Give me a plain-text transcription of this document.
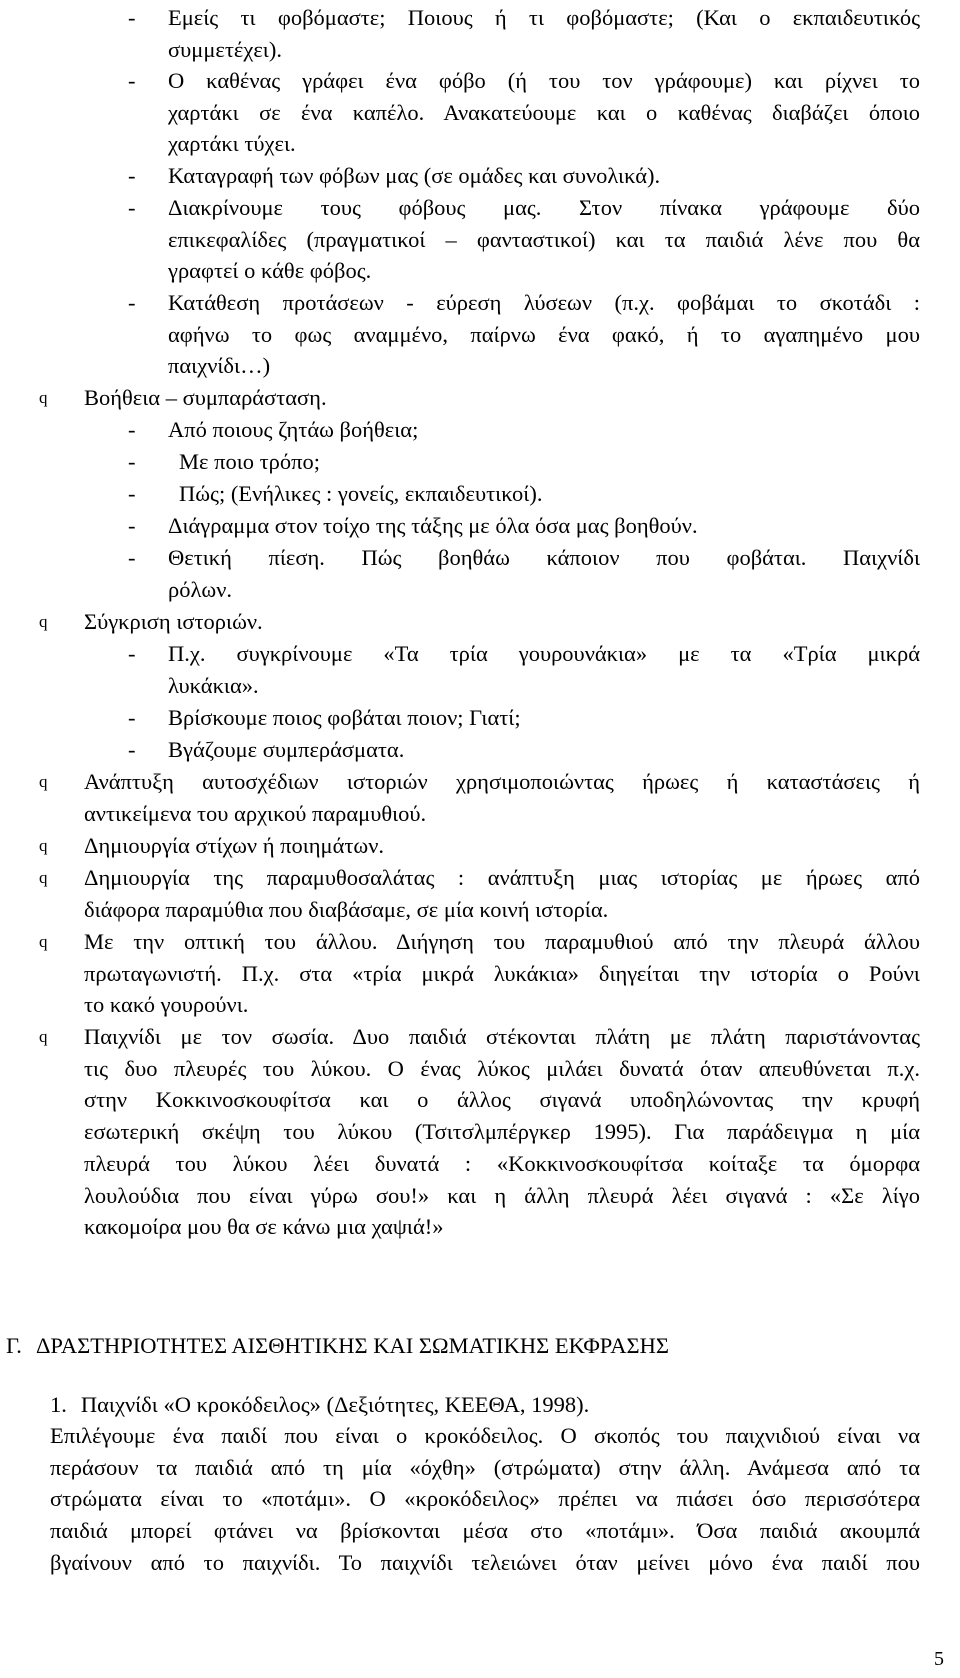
- Εμείς τι φοβόμαστε; Ποιους ή τι φοβόμαστε; (Και ο εκπαιδευτικός
συμμετέχει).
- Ο καθένας γράφει ένα φόβο (ή του τον γράφουμε) και ρίχνει το
χαρτάκι σε ένα καπέλο. Ανακατεύουμε και ο καθένας διαβάζει όποιο
χαρτάκι τύχει.
- Καταγραφή των φόβων μας (σε ομάδες και συνολικά).
- Διακρίνουμε τους φόβους μας. Στον πίνακα γράφουμε δύο
επικεφαλίδες (πραγματικοί – φανταστικοί) και τα παιδιά λένε που θα
γραφτεί ο κάθε φόβος.
- Κατάθεση προτάσεων - εύρεση λύσεων (π.χ. φοβάμαι το σκοτάδι :
αφήνω το φως αναμμένο, παίρνω ένα φακό, ή το αγαπημένο μου
παιχνίδι…)
q Βοήθεια – συμπαράσταση.
- Από ποιους ζητάω βοήθεια;
- Με ποιο τρόπο;
- Πώς; (Ενήλικες : γονείς, εκπαιδευτικοί).
- Διάγραμμα στον τοίχο της τάξης με όλα όσα μας βοηθούν.
- Θετική πίεση. Πώς βοηθάω κάποιον που φοβάται. Παιχνίδι
ρόλων.
q Σύγκριση ιστοριών.
- Π.χ. συγκρίνουμε «Τα τρία γουρουνάκια» με τα «Τρία μικρά
λυκάκια».
- Βρίσκουμε ποιος φοβάται ποιον; Γιατί;
- Βγάζουμε συμπεράσματα.
q Ανάπτυξη αυτοσχέδιων ιστοριών χρησιμοποιώντας ήρωες ή καταστάσεις ή
αντικείμενα του αρχικού παραμυθιού.
q Δημιουργία στίχων ή ποιημάτων.
q Δημιουργία της παραμυθοσαλάτας : ανάπτυξη μιας ιστορίας με ήρωες από
διάφορα παραμύθια που διαβάσαμε, σε μία κοινή ιστορία.
q Με την οπτική του άλλου. Διήγηση του παραμυθιού από την πλευρά άλλου
πρωταγωνιστή. Π.χ. στα «τρία μικρά λυκάκια» διηγείται την ιστορία ο Ρούνι
το κακό γουρούνι.
q Παιχνίδι με τον σωσία. Δυο παιδιά στέκονται πλάτη με πλάτη παριστάνοντας
τις δυο πλευρές του λύκου. Ο ένας λύκος μιλάει δυνατά όταν απευθύνεται π.χ.
στην Κοκκινοσκουφίτσα και ο άλλος σιγανά υποδηλώνοντας την κρυφή
εσωτερική σκέψη του λύκου (Τσιτσλμπέργκερ 1995). Για παράδειγμα η μία
πλευρά του λύκου λέει δυνατά : «Κοκκινοσκουφίτσα κοίταξε τα όμορφα
λουλούδια που είναι γύρω σου!» και η άλλη πλευρά λέει σιγανά : «Σε λίγο
κακομοίρα μου θα σε κάνω μια χαψιά!»
Γ. ΔΡΑΣΤΗΡΙΟΤΗΤΕΣ ΑΙΣΘΗΤΙΚΗΣ ΚΑΙ ΣΩΜΑΤΙΚΗΣ ΕΚΦΡΑΣΗΣ
1. Παιχνίδι «Ο κροκόδειλος» (Δεξιότητες, ΚΕΕΘΑ, 1998).
Επιλέγουμε ένα παιδί που είναι ο κροκόδειλος. Ο σκοπός του παιχνιδιού είναι να
περάσουν τα παιδιά από τη μία «όχθη» (στρώματα) στην άλλη. Ανάμεσα από τα
στρώματα είναι το «ποτάμι». Ο «κροκόδειλος» πρέπει να πιάσει όσο περισσότερα
παιδιά μπορεί φτάνει να βρίσκονται μέσα στο «ποτάμι». Όσα παιδιά ακουμπά
βγαίνουν από το παιχνίδι. Το παιχνίδι τελειώνει όταν μείνει μόνο ένα παιδί που
5
